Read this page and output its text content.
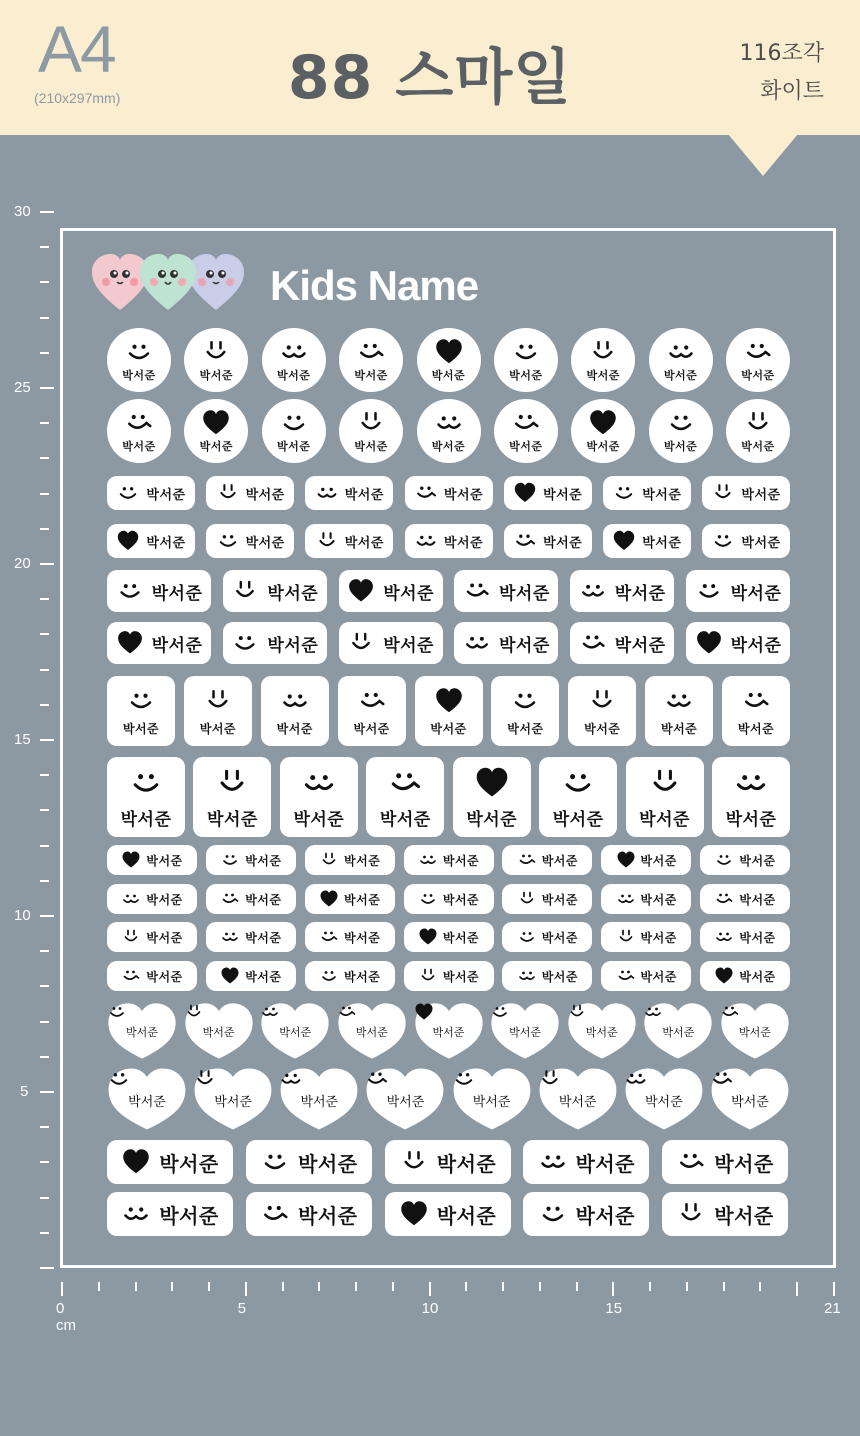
A4
(210x297mm)	88 스마일	116조각
화이트
30
25
20
15
10
5
0 cm
5	10	15	21
Kids Name
박서준	박서준	박서준	박서준	박서준	박서준	박서준	박서준	박서준
박서준	박서준	박서준	박서준	박서준	박서준	박서준	박서준	박서준
박서준	박서준	박서준	박서준	박서준	박서준	박서준
박서준	박서준	박서준	박서준	박서준	박서준	박서준
박서준	박서준	박서준	박서준	박서준	박서준
박서준	박서준	박서준	박서준	박서준	박서준
박서준	박서준	박서준	박서준	박서준	박서준	박서준	박서준	박서준
박서준 박서준 박서준 박서준 박서준 박서준 박서준 박서준
박서준	박서준	박서준	박서준	박서준	박서준	박서준
박서준	박서준	박서준	박서준	박서준	박서준	박서준
박서준	박서준	박서준	박서준	박서준	박서준	박서준
박서준	박서준	박서준	박서준	박서준	박서준	박서준
박서준	박서준	박서준	박서준	박서준	박서준	박서준	박서준	박서준
박서준	박서준	박서준	박서준	박서준	박서준	박서준	박서준
박서준	박서준	박서준	박서준	박서준
박서준	박서준	박서준	박서준	박서준
